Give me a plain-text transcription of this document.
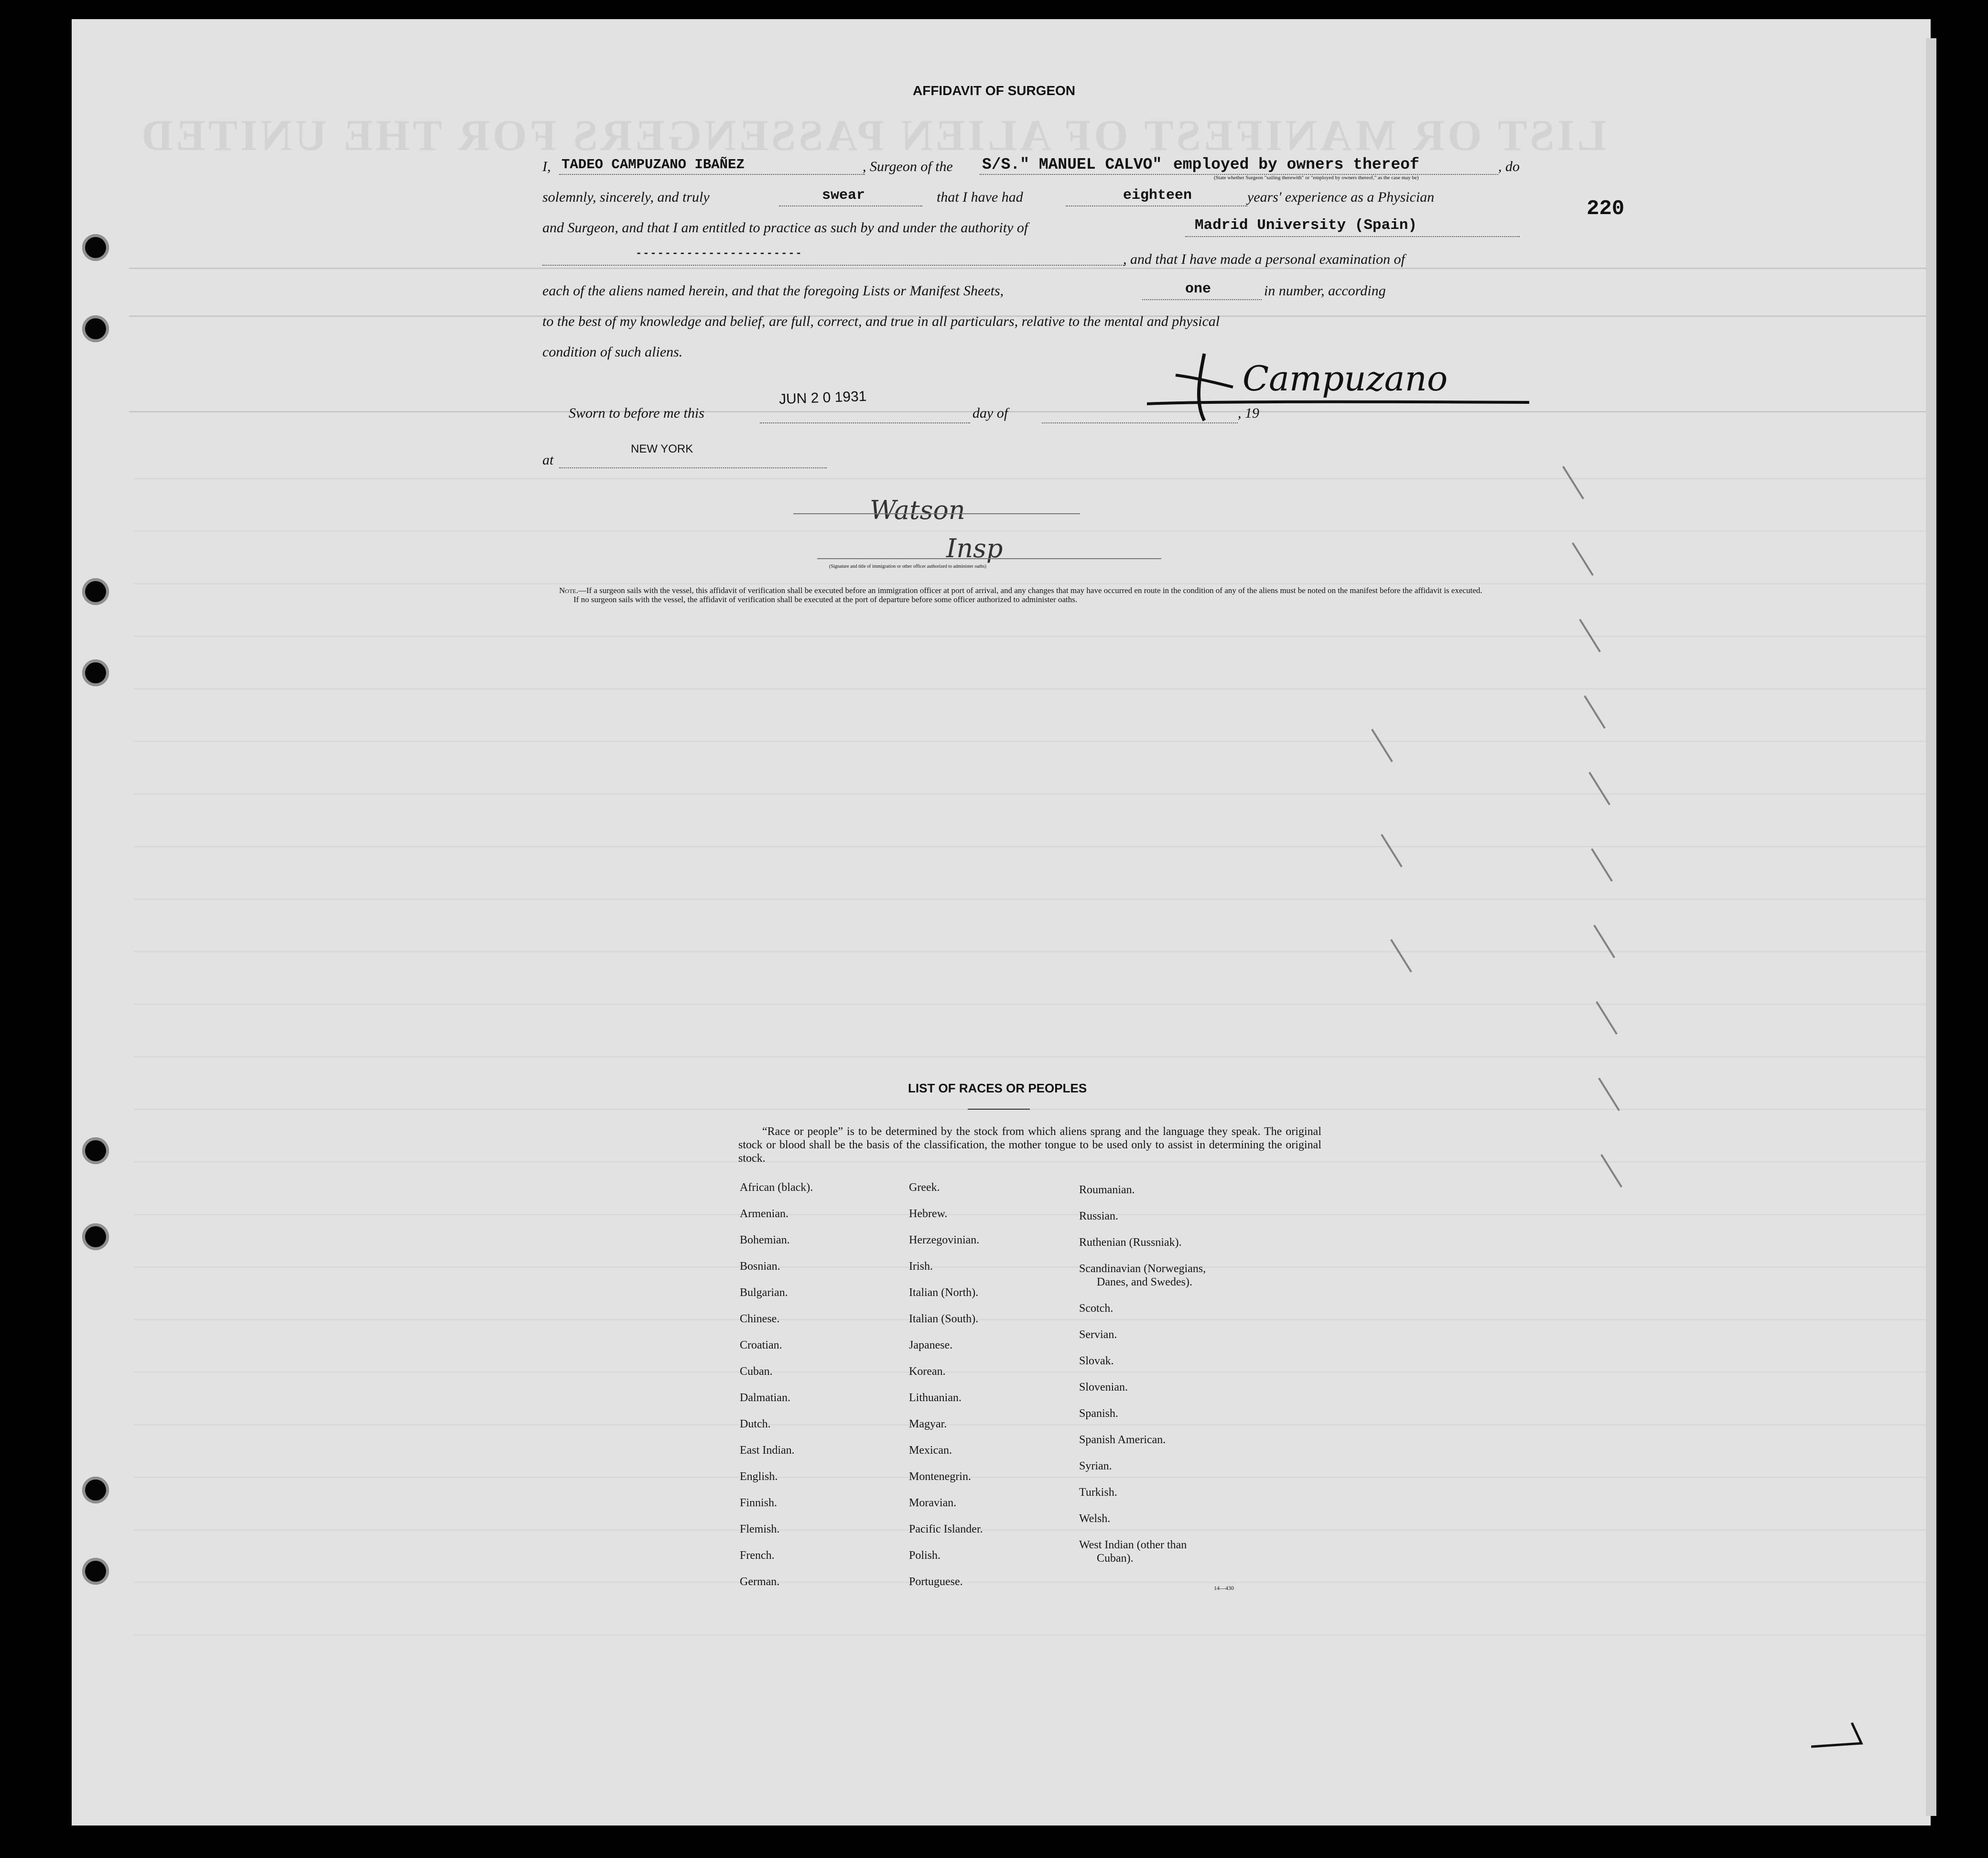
LIST OR MANIFEST OF ALIEN PASSENGERS FOR THE UNITED
220
AFFIDAVIT OF SURGEON
I, TADEO CAMPUZANO IBAÑEZ	, Surgeon of the S/S." MANUEL CALVO" employed by owners thereof	, do
(State whether Surgeon "sailing therewith" or "employed by owners thereof," as the case may be)
solemnly, sincerely, and truly	swear	that I have had	eighteen	years' experience as a Physician
and Surgeon, and that I am entitled to practice as such by and under the authority of	Madrid University (Spain)
-----------------------	, and that I have made a personal examination of
each of the aliens named herein, and that the foregoing Lists or Manifest Sheets,	one	in number, according
to the best of my knowledge and belief, are full, correct, and true in all particulars, relative to the mental and physical
condition of such aliens.
Campuzano
Sworn to before me this
JUN 2 0 1931
day of	, 19
at
NEW YORK
Watson
Insp
(Signature and title of immigration or other officer authorized to administer oaths)
Note.—If a surgeon sails with the vessel, this affidavit of verification shall be executed before an immigration officer at port of arrival, and any changes that may have occurred en route in the condition of any of the aliens must be noted on the manifest before the affidavit is executed.
If no surgeon sails with the vessel, the affidavit of verification shall be executed at the port of departure before some officer authorized to administer oaths.
LIST OF RACES OR PEOPLES
“Race or people” is to be determined by the stock from which aliens sprang and the language they speak. The original stock or blood shall be the basis of the classification, the mother tongue to be used only to assist in determining the original stock.
African (black).
Armenian.
Bohemian.
Bosnian.
Bulgarian.
Chinese.
Croatian.
Cuban.
Dalmatian.
Dutch.
East Indian.
English.
Finnish.
Flemish.
French.
German.
Greek.
Hebrew.
Herzegovinian.
Irish.
Italian (North).
Italian (South).
Japanese.
Korean.
Lithuanian.
Magyar.
Mexican.
Montenegrin.
Moravian.
Pacific Islander.
Polish.
Portuguese.
Roumanian.
Russian.
Ruthenian (Russniak).
Scandinavian (Norwegians,
Danes, and Swedes).
Scotch.
Servian.
Slovak.
Slovenian.
Spanish.
Spanish American.
Syrian.
Turkish.
Welsh.
West Indian (other than
Cuban).
14—430
